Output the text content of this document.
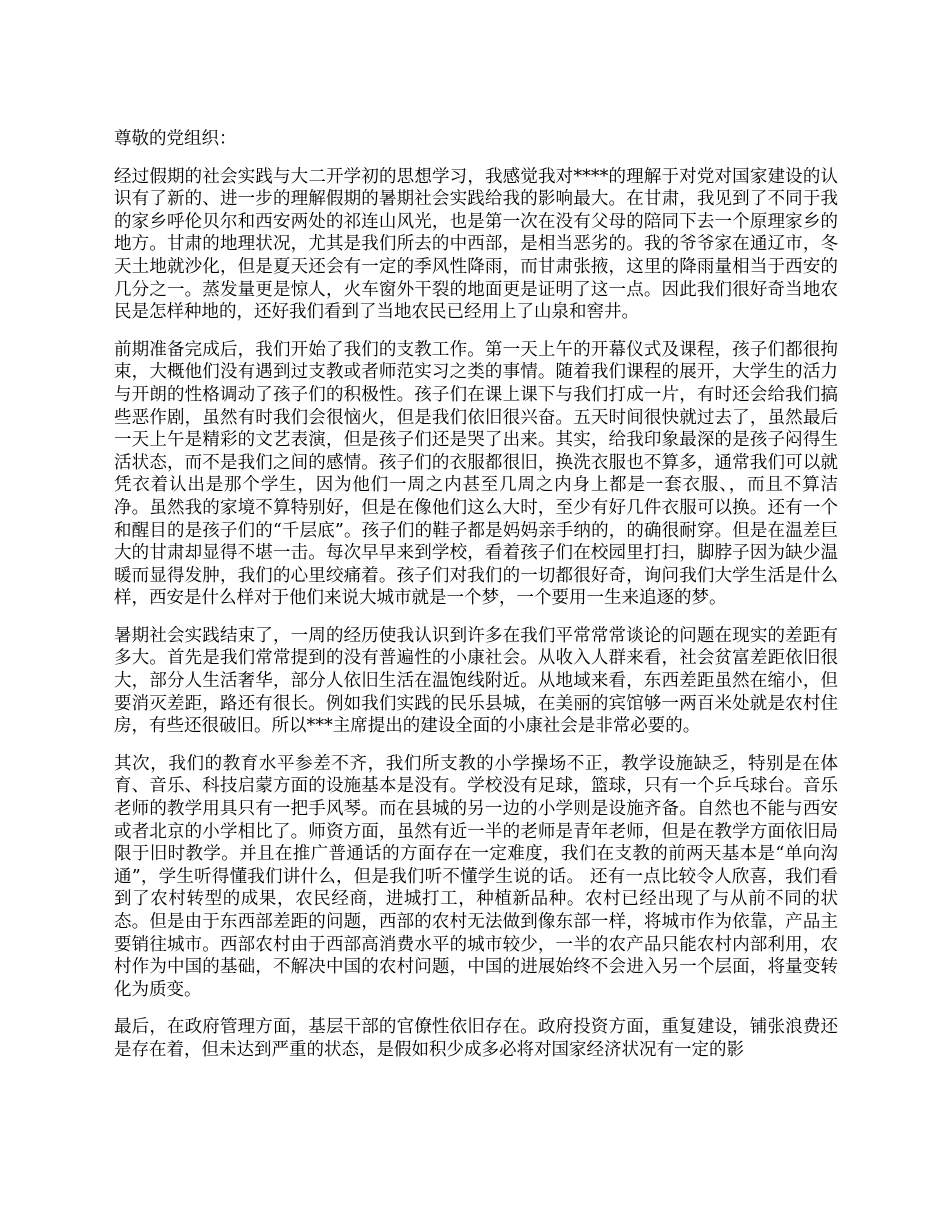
尊敬的党组织：

经过假期的社会实践与大二开学初的思想学习，我感觉我对****的理解于对党对国家建设的认识有了新的、进一步的理解假期的暑期社会实践给我的影响最大。在甘肃，我见到了不同于我的家乡呼伦贝尔和西安两处的祁连山风光，也是第一次在没有父母的陪同下去一个原理家乡的地方。甘肃的地理状况，尤其是我们所去的中西部，是相当恶劣的。我的爷爷家在通辽市，冬天土地就沙化，但是夏天还会有一定的季风性降雨，而甘肃张掖，这里的降雨量相当于西安的几分之一。蒸发量更是惊人，火车窗外干裂的地面更是证明了这一点。因此我们很好奇当地农民是怎样种地的，还好我们看到了当地农民已经用上了山泉和窖井。

前期准备完成后，我们开始了我们的支教工作。第一天上午的开幕仪式及课程，孩子们都很拘束，大概他们没有遇到过支教或者师范实习之类的事情。随着我们课程的展开，大学生的活力与开朗的性格调动了孩子们的积极性。孩子们在课上课下与我们打成一片，有时还会给我们搞些恶作剧，虽然有时我们会很恼火，但是我们依旧很兴奋。五天时间很快就过去了，虽然最后一天上午是精彩的文艺表演，但是孩子们还是哭了出来。其实，给我印象最深的是孩子闷得生活状态，而不是我们之间的感情。孩子们的衣服都很旧，换洗衣服也不算多，通常我们可以就凭衣着认出是那个学生，因为他们一周之内甚至几周之内身上都是一套衣服、，而且不算洁净。虽然我的家境不算特别好，但是在像他们这么大时，至少有好几件衣服可以换。还有一个和醒目的是孩子们的“千层底”。孩子们的鞋子都是妈妈亲手纳的，的确很耐穿。但是在温差巨大的甘肃却显得不堪一击。每次早早来到学校，看着孩子们在校园里打扫，脚脖子因为缺少温暖而显得发肿，我们的心里绞痛着。孩子们对我们的一切都很好奇，询问我们大学生活是什么样，西安是什么样对于他们来说大城市就是一个梦，一个要用一生来追逐的梦。

暑期社会实践结束了，一周的经历使我认识到许多在我们平常常常谈论的问题在现实的差距有多大。首先是我们常常提到的没有普遍性的小康社会。从收入人群来看，社会贫富差距依旧很大，部分人生活奢华，部分人依旧生活在温饱线附近。从地域来看，东西差距虽然在缩小，但要消灭差距，路还有很长。例如我们实践的民乐县城，在美丽的宾馆够一两百米处就是农村住房，有些还很破旧。所以***主席提出的建设全面的小康社会是非常必要的。

其次，我们的教育水平参差不齐，我们所支教的小学操场不正，教学设施缺乏，特别是在体育、音乐、科技启蒙方面的设施基本是没有。学校没有足球，篮球，只有一个乒乓球台。音乐老师的教学用具只有一把手风琴。而在县城的另一边的小学则是设施齐备。自然也不能与西安或者北京的小学相比了。师资方面，虽然有近一半的老师是青年老师，但是在教学方面依旧局限于旧时教学。并且在推广普通话的方面存在一定难度，我们在支教的前两天基本是“单向沟通”，学生听得懂我们讲什么，但是我们听不懂学生说的话。 还有一点比较令人欣喜，我们看到了农村转型的成果，农民经商，进城打工，种植新品种。农村已经出现了与从前不同的状态。但是由于东西部差距的问题，西部的农村无法做到像东部一样，将城市作为依靠，产品主要销往城市。西部农村由于西部高消费水平的城市较少，一半的农产品只能农村内部利用，农村作为中国的基础，不解决中国的农村问题，中国的进展始终不会进入另一个层面，将量变转化为质变。

最后，在政府管理方面，基层干部的官僚性依旧存在。政府投资方面，重复建设，铺张浪费还是存在着，但未达到严重的状态，是假如积少成多必将对国家经济状况有一定的影
